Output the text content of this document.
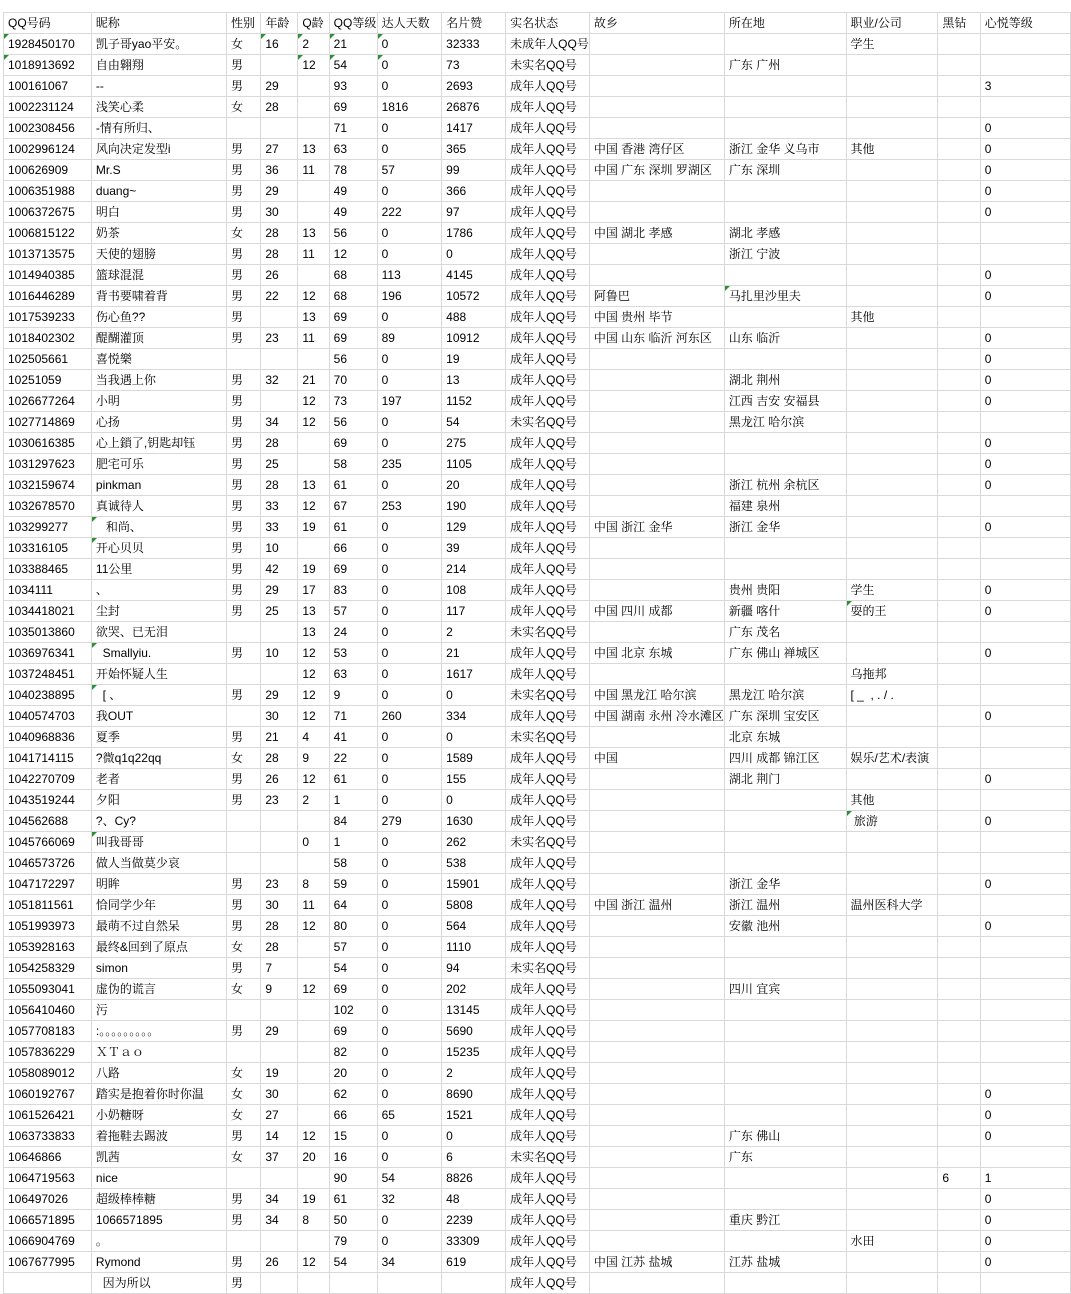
QQ号码	昵称	性别	年龄	Q龄	QQ等级	达人天数	名片赞	实名状态	故乡	所在地	职业/公司	黑钻	心悦等级

1928450170	凯子哥yao平安。	女	16	2	21	0	32333	未成年人QQ号			学生		

1018913692	自由翱翔	男		12	54	0	73	未实名QQ号		广东 广州			

100161067	--	男	29		93	0	2693	成年人QQ号					3

1002231124	浅笑心柔	女	28		69	1816	26876	成年人QQ号					

1002308456	-情有所归、				71	0	1417	成年人QQ号					0

1002996124	风向决定发型i	男	27	13	63	0	365	成年人QQ号	中国 香港 湾仔区	浙江 金华 义乌市	其他		0

100626909	Mr.S	男	36	11	78	57	99	成年人QQ号	中国 广东 深圳 罗湖区	广东 深圳			0

1006351988	duang~	男	29		49	0	366	成年人QQ号					0

1006372675	明白	男	30		49	222	97	成年人QQ号					0

1006815122	奶茶	女	28	13	56	0	1786	成年人QQ号	中国 湖北 孝感	湖北 孝感			

1013713575	天使的翅膀	男	28	11	12	0	0	成年人QQ号		浙江 宁波			

1014940385	篮球混混	男	26		68	113	4145	成年人QQ号					0

1016446289	背书要啸着背	男	22	12	68	196	10572	成年人QQ号	阿鲁巴	马扎里沙里夫			0

1017539233	伤心鱼??	男		13	69	0	488	成年人QQ号	中国 贵州 毕节		其他		

1018402302	醍醐灌顶	男	23	11	69	89	10912	成年人QQ号	中国 山东 临沂 河东区	山东 临沂			0

102505661	喜悦樂				56	0	19	成年人QQ号					0

10251059	当我遇上你	男	32	21	70	0	13	成年人QQ号		湖北 荆州			0

1026677264	小明	男		12	73	197	1152	成年人QQ号		江西 吉安 安福县			0

1027714869	心扬	男	34	12	56	0	54	未实名QQ号		黑龙江 哈尔滨			

1030616385	心上鎖了,钥匙却钰	男	28		69	0	275	成年人QQ号					0

1031297623	肥宅可乐	男	25		58	235	1105	成年人QQ号					0

1032159674	pinkman	男	28	13	61	0	20	成年人QQ号		浙江 杭州 余杭区			0

1032678570	真诚待人	男	33	12	67	253	190	成年人QQ号		福建 泉州			

103299277	和尚、	男	33	19	61	0	129	成年人QQ号	中国 浙江 金华	浙江 金华			0

103316105	开心贝贝	男	10		66	0	39	成年人QQ号					

103388465	11公里	男	42	19	69	0	214	成年人QQ号					

1034111	、	男	29	17	83	0	108	成年人QQ号		贵州 贵阳	学生		0

1034418021	尘封	男	25	13	57	0	117	成年人QQ号	中国 四川 成都	新疆 喀什	耍的王		0

1035013860	欲哭、已无泪			13	24	0	2	未实名QQ号		广东 茂名			

1036976341	Smallyiu.	男	10	12	53	0	21	成年人QQ号	中国 北京 东城	广东 佛山 禅城区			0

1037248451	开始怀疑人生			12	63	0	1617	成年人QQ号			乌拖邦		

1040238895	[ 、	男	29	12	9	0	0	未实名QQ号	中国 黑龙江 哈尔滨	黑龙江 哈尔滨	[ _  , . / .		

1040574703	我OUT		30	12	71	260	334	成年人QQ号	中国 湖南 永州 冷水滩区	广东 深圳 宝安区			0

1040968836	夏季	男	21	4	41	0	0	未实名QQ号		北京 东城			

1041714115	?微q1q22qq	女	28	9	22	0	1589	成年人QQ号	中国	四川 成都 锦江区	娱乐/艺术/表演		

1042270709	老者	男	26	12	61	0	155	成年人QQ号		湖北 荆门			0

1043519244	夕阳	男	23	2	1	0	0	成年人QQ号			其他		

104562688	?、Cy?				84	279	1630	成年人QQ号			旅游		0

1045766069	叫我哥哥			0	1	0	262	未实名QQ号					

1046573726	做人当做莫少哀				58	0	538	成年人QQ号					

1047172297	明眸	男	23	8	59	0	15901	成年人QQ号		浙江 金华			0

1051811561	恰同学少年	男	30	11	64	0	5808	成年人QQ号	中国 浙江 温州	浙江 温州	温州医科大学		

1051993973	最萌不过自然呆	男	28	12	80	0	564	成年人QQ号		安徽 池州			0

1053928163	最终&回到了原点	女	28		57	0	1110	成年人QQ号					

1054258329	simon	男	7		54	0	94	未实名QQ号					

1055093041	虚伪的谎言	女	9	12	69	0	202	成年人QQ号		四川 宜宾			

1056410460	污				102	0	13145	成年人QQ号					

1057708183	:。。。。。。。。。	男	29		69	0	5690	成年人QQ号					

1057836229	ＸＴａｏ				82	0	15235	成年人QQ号					

1058089012	八路	女	19		20	0	2	成年人QQ号					

1060192767	踏实是抱着你时你温	女	30		62	0	8690	成年人QQ号					0

1061526421	小奶糖呀	女	27		66	65	1521	成年人QQ号					0

1063733833	着拖鞋去踢波	男	14	12	15	0	0	成年人QQ号		广东 佛山			0

10646866	凯茜	女	37	20	16	0	6	未实名QQ号		广东			

1064719563	nice				90	54	8826	成年人QQ号				6	1

106497026	超级棒棒糖	男	34	19	61	32	48	成年人QQ号					0

1066571895	1066571895	男	34	8	50	0	2239	成年人QQ号		重庆 黔江			0

1066904769	。				79	0	33309	成年人QQ号			水田		0

1067677995	Rymond	男	26	12	54	34	619	成年人QQ号	中国 江苏 盐城	江苏 盐城			0

	因为所以	男						成年人QQ号					
